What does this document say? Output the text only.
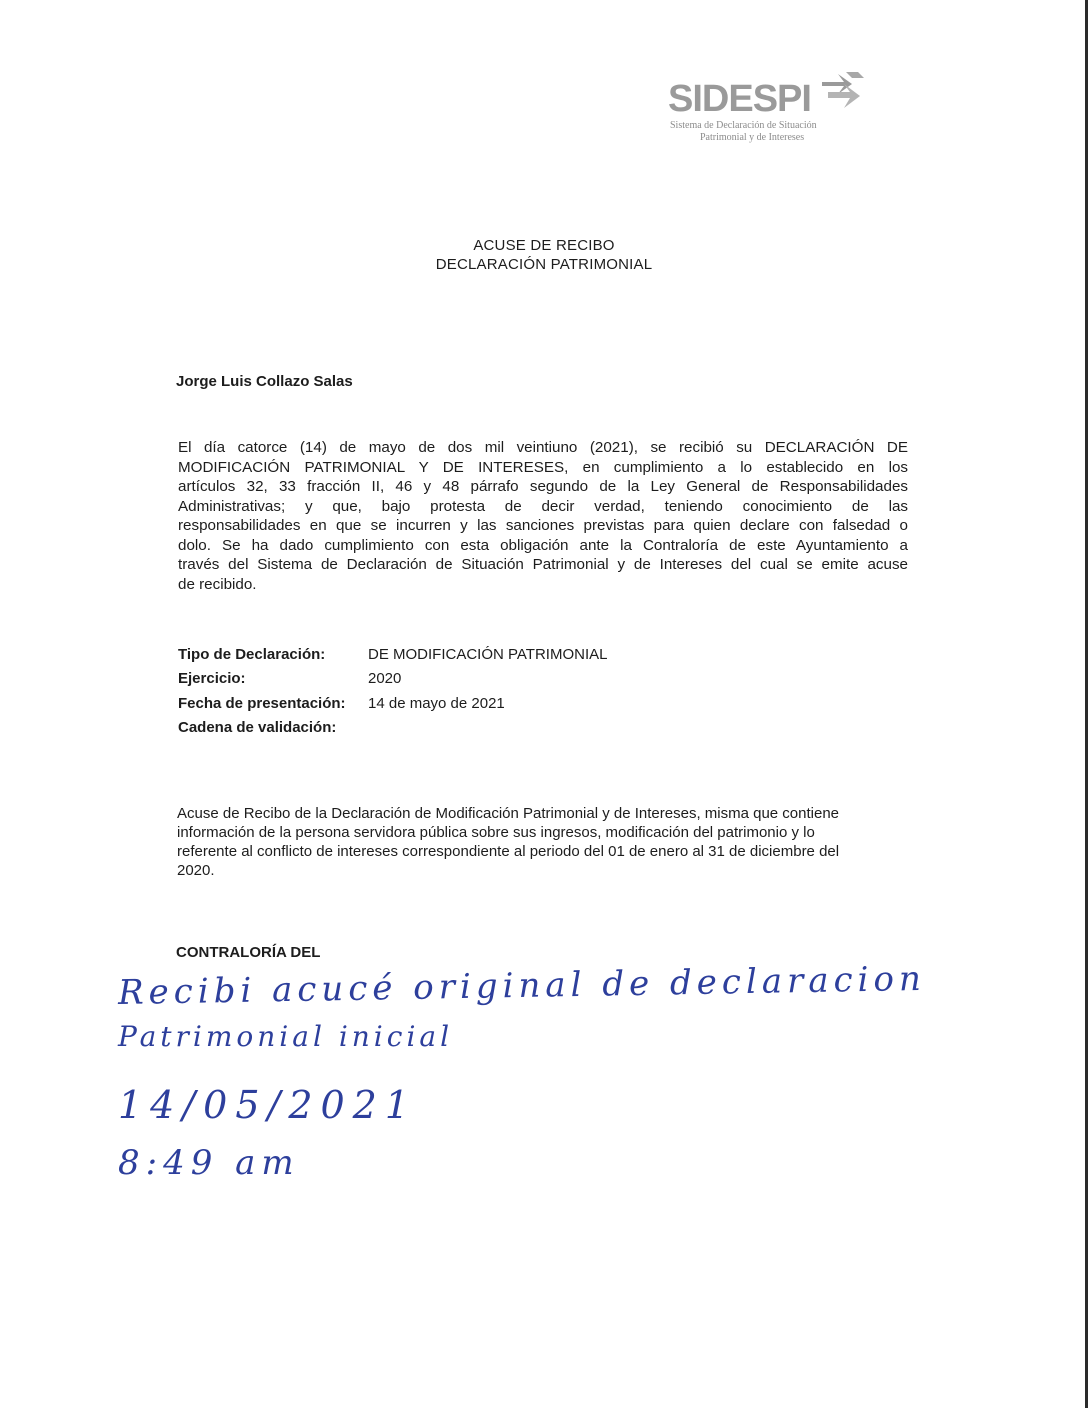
SIDESPI
Sistema de Declaración de Situación
Patrimonial y de Intereses
ACUSE DE RECIBO
DECLARACIÓN PATRIMONIAL
Jorge Luis Collazo Salas
El día catorce (14) de mayo de dos mil veintiuno (2021), se recibió su DECLARACIÓN DE
MODIFICACIÓN PATRIMONIAL Y DE INTERESES, en cumplimiento a lo establecido en los
artículos 32, 33 fracción II, 46 y 48 párrafo segundo de la Ley General de Responsabilidades
Administrativas; y que, bajo protesta de decir verdad, teniendo conocimiento de las
responsabilidades en que se incurren y las sanciones previstas para quien declare con falsedad o
dolo. Se ha dado cumplimiento con esta obligación ante la Contraloría de este Ayuntamiento a
través del Sistema de Declaración de Situación Patrimonial y de Intereses del cual se emite acuse
de recibido.
Tipo de Declaración:	DE MODIFICACIÓN PATRIMONIAL
Ejercicio:	2020
Fecha de presentación:	14 de mayo de 2021
Cadena de validación:
Acuse de Recibo de la Declaración de Modificación Patrimonial y de Intereses, misma que contiene
información de la persona servidora pública sobre sus ingresos, modificación del patrimonio y lo
referente al conflicto de intereses correspondiente al periodo del 01 de enero al 31 de diciembre del
2020.
CONTRALORÍA DEL
Recibi acucé original de declaracion
Patrimonial inicial
14/05/2021
8:49 am
